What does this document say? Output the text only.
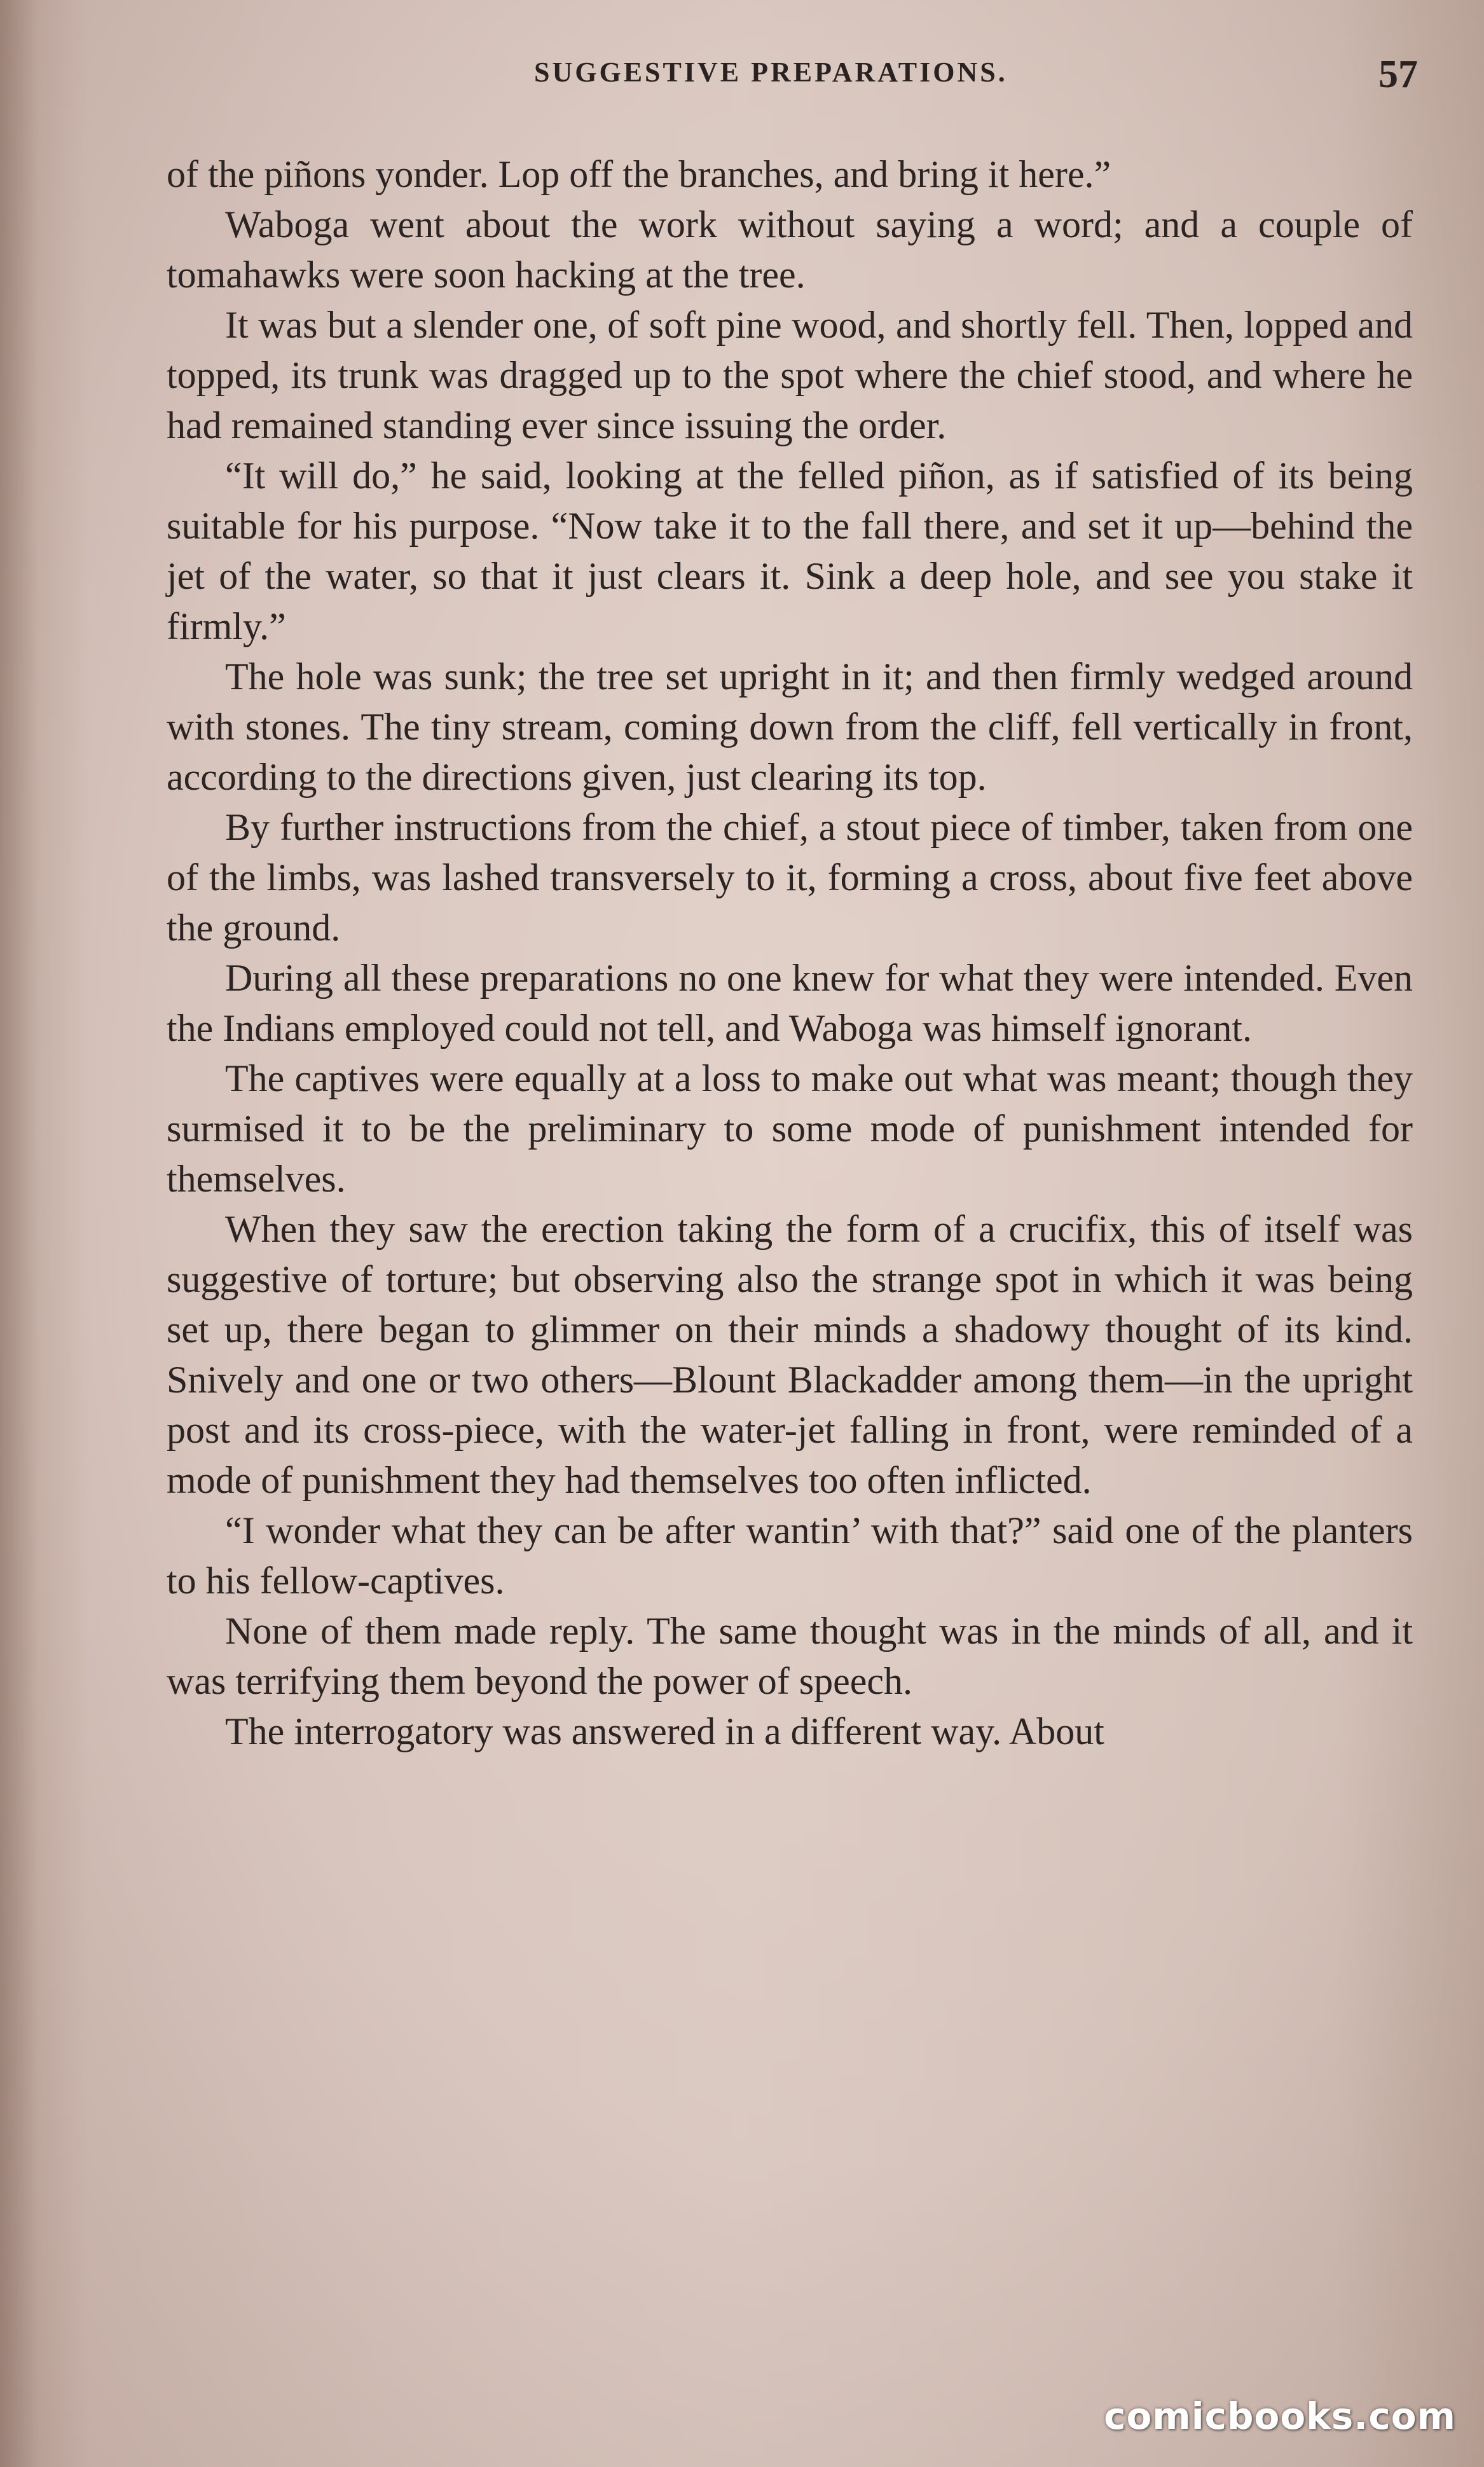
SUGGESTIVE PREPARATIONS.	57

of the piñons yonder. Lop off the branches, and bring it here.”

Waboga went about the work without saying a word; and a couple of tomahawks were soon hacking at the tree.

It was but a slender one, of soft pine wood, and shortly fell. Then, lopped and topped, its trunk was dragged up to the spot where the chief stood, and where he had remained standing ever since issuing the order.

“It will do,” he said, looking at the felled piñon, as if satisfied of its being suitable for his purpose. “Now take it to the fall there, and set it up—behind the jet of the water, so that it just clears it. Sink a deep hole, and see you stake it firmly.”

The hole was sunk; the tree set upright in it; and then firmly wedged around with stones. The tiny stream, coming down from the cliff, fell vertically in front, according to the directions given, just clearing its top.

By further instructions from the chief, a stout piece of timber, taken from one of the limbs, was lashed transversely to it, forming a cross, about five feet above the ground.

During all these preparations no one knew for what they were intended. Even the Indians employed could not tell, and Waboga was himself ignorant.

The captives were equally at a loss to make out what was meant; though they surmised it to be the preliminary to some mode of punishment intended for themselves.

When they saw the erection taking the form of a crucifix, this of itself was suggestive of torture; but observing also the strange spot in which it was being set up, there began to glimmer on their minds a shadowy thought of its kind. Snively and one or two others—Blount Blackadder among them—in the upright post and its cross-piece, with the water-jet falling in front, were reminded of a mode of punishment they had themselves too often inflicted.

“I wonder what they can be after wantin’ with that?” said one of the planters to his fellow-captives.

None of them made reply. The same thought was in the minds of all, and it was terrifying them beyond the power of speech.

The interrogatory was answered in a different way. About

comicbooks.com
